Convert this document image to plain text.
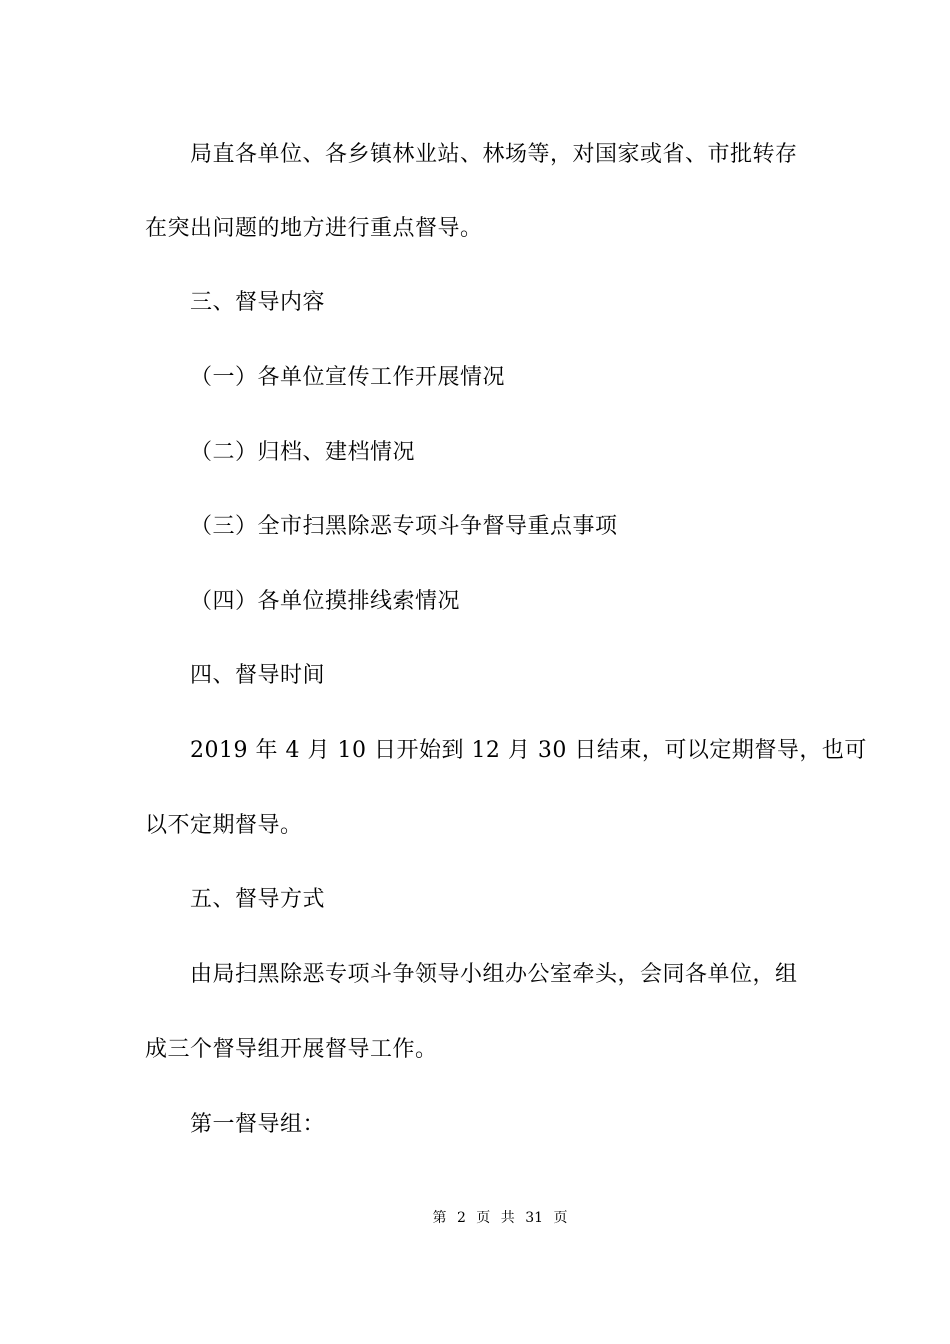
局直各单位、各乡镇林业站、林场等，对国家或省、市批转存
在突出问题的地方进行重点督导。
三、督导内容
（一）各单位宣传工作开展情况
（二）归档、建档情况
（三）全市扫黑除恶专项斗争督导重点事项
（四）各单位摸排线索情况
四、督导时间
2019 年 4 月 10 日开始到 12 月 30 日结束，可以定期督导，也可
以不定期督导。
五、督导方式
由局扫黑除恶专项斗争领导小组办公室牵头，会同各单位，组
成三个督导组开展督导工作。
第一督导组：
第 2 页 共 31 页
